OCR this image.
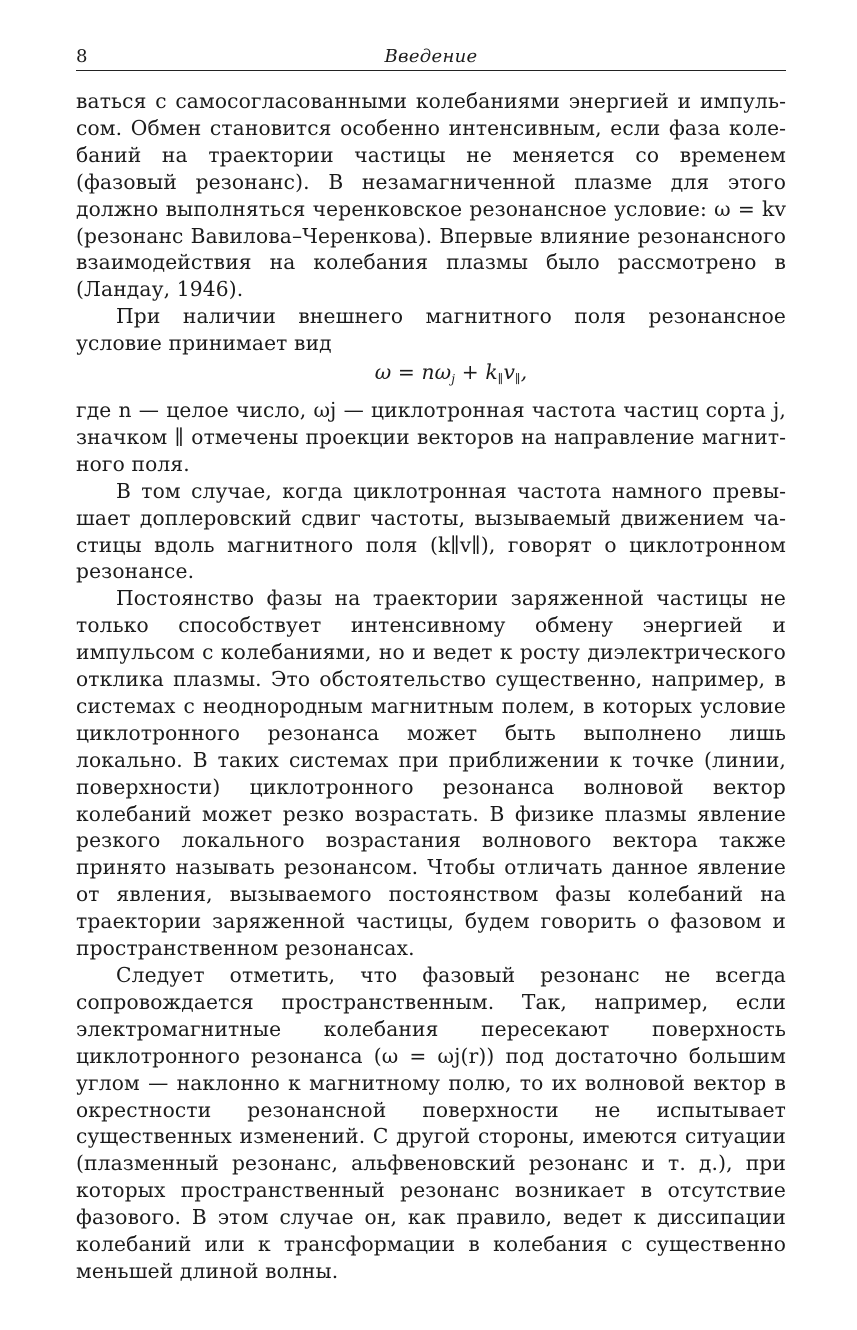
8	Введение

ваться с самосогласованными колебаниями энергией и импульсом. Обмен становится особенно интенсивным, если фаза колебаний на траектории частицы не меняется со временем (фазовый резонанс). В незамагниченной плазме для этого должно выполняться черенковское резонансное условие: ω = kv (резонанс Вавилова–Черенкова). Впервые влияние резонансного взаимодействия на колебания плазмы было рассмотрено в (Ландау, 1946).

При наличии внешнего магнитного поля резонансное условие принимает вид

$\omega = n\omega_j + k_\parallel v_\parallel$,

где n — целое число, ωj — циклотронная частота частиц сорта j, значком ∥ отмечены проекции векторов на направление магнитного поля.

В том случае, когда циклотронная частота намного превышает доплеровский сдвиг частоты, вызываемый движением частицы вдоль магнитного поля (k∥v∥), говорят о циклотронном резонансе.

Постоянство фазы на траектории заряженной частицы не только способствует интенсивному обмену энергией и импульсом с колебаниями, но и ведет к росту диэлектрического отклика плазмы. Это обстоятельство существенно, например, в системах с неоднородным магнитным полем, в которых условие циклотронного резонанса может быть выполнено лишь локально. В таких системах при приближении к точке (линии, поверхности) циклотронного резонанса волновой вектор колебаний может резко возрастать. В физике плазмы явление резкого локального возрастания волнового вектора также принято называть резонансом. Чтобы отличать данное явление от явления, вызываемого постоянством фазы колебаний на траектории заряженной частицы, будем говорить о фазовом и пространственном резонансах.

Следует отметить, что фазовый резонанс не всегда сопровождается пространственным. Так, например, если электромагнитные колебания пересекают поверхность циклотронного резонанса (ω = ωj(r)) под достаточно большим углом — наклонно к магнитному полю, то их волновой вектор в окрестности резонансной поверхности не испытывает существенных изменений. С другой стороны, имеются ситуации (плазменный резонанс, альфвеновский резонанс и т. д.), при которых пространственный резонанс возникает в отсутствие фазового. В этом случае он, как правило, ведет к диссипации колебаний или к трансформации в колебания с существенно меньшей длиной волны.
